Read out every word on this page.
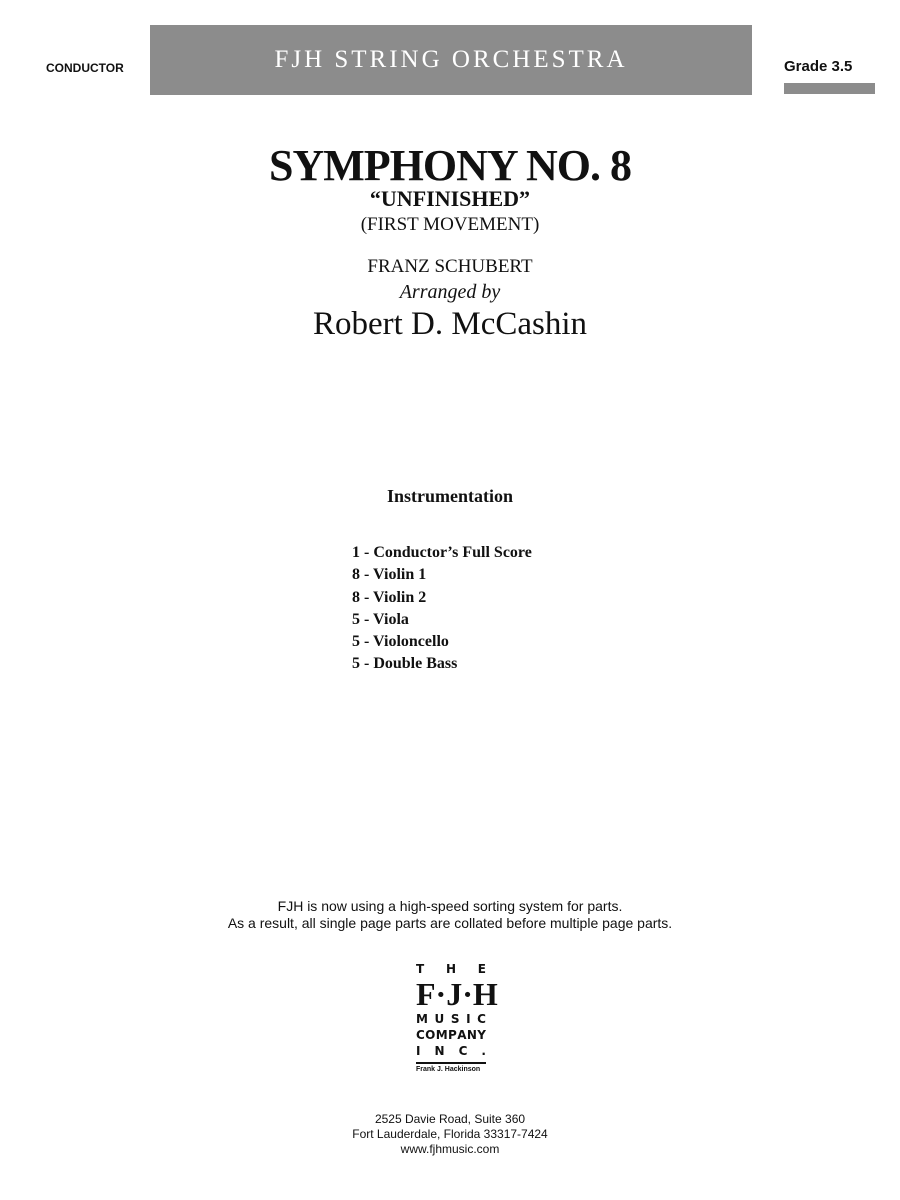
CONDUCTOR	FJH STRING ORCHESTRA	Grade 3.5
SYMPHONY NO. 8
“UNFINISHED”
(FIRST MOVEMENT)
FRANZ SCHUBERT
Arranged by
Robert D. McCashin
Instrumentation
1 - Conductor’s Full Score
8 - Violin 1
8 - Violin 2
5 - Viola
5 - Violoncello
5 - Double Bass
FJH is now using a high-speed sorting system for parts.
As a result, all single page parts are collated before multiple page parts.
T H E
F · J · H
M U S I C
C O M P A N Y
I N C .
Frank J. Hackinson
2525 Davie Road, Suite 360
Fort Lauderdale, Florida 33317-7424
www.fjhmusic.com
